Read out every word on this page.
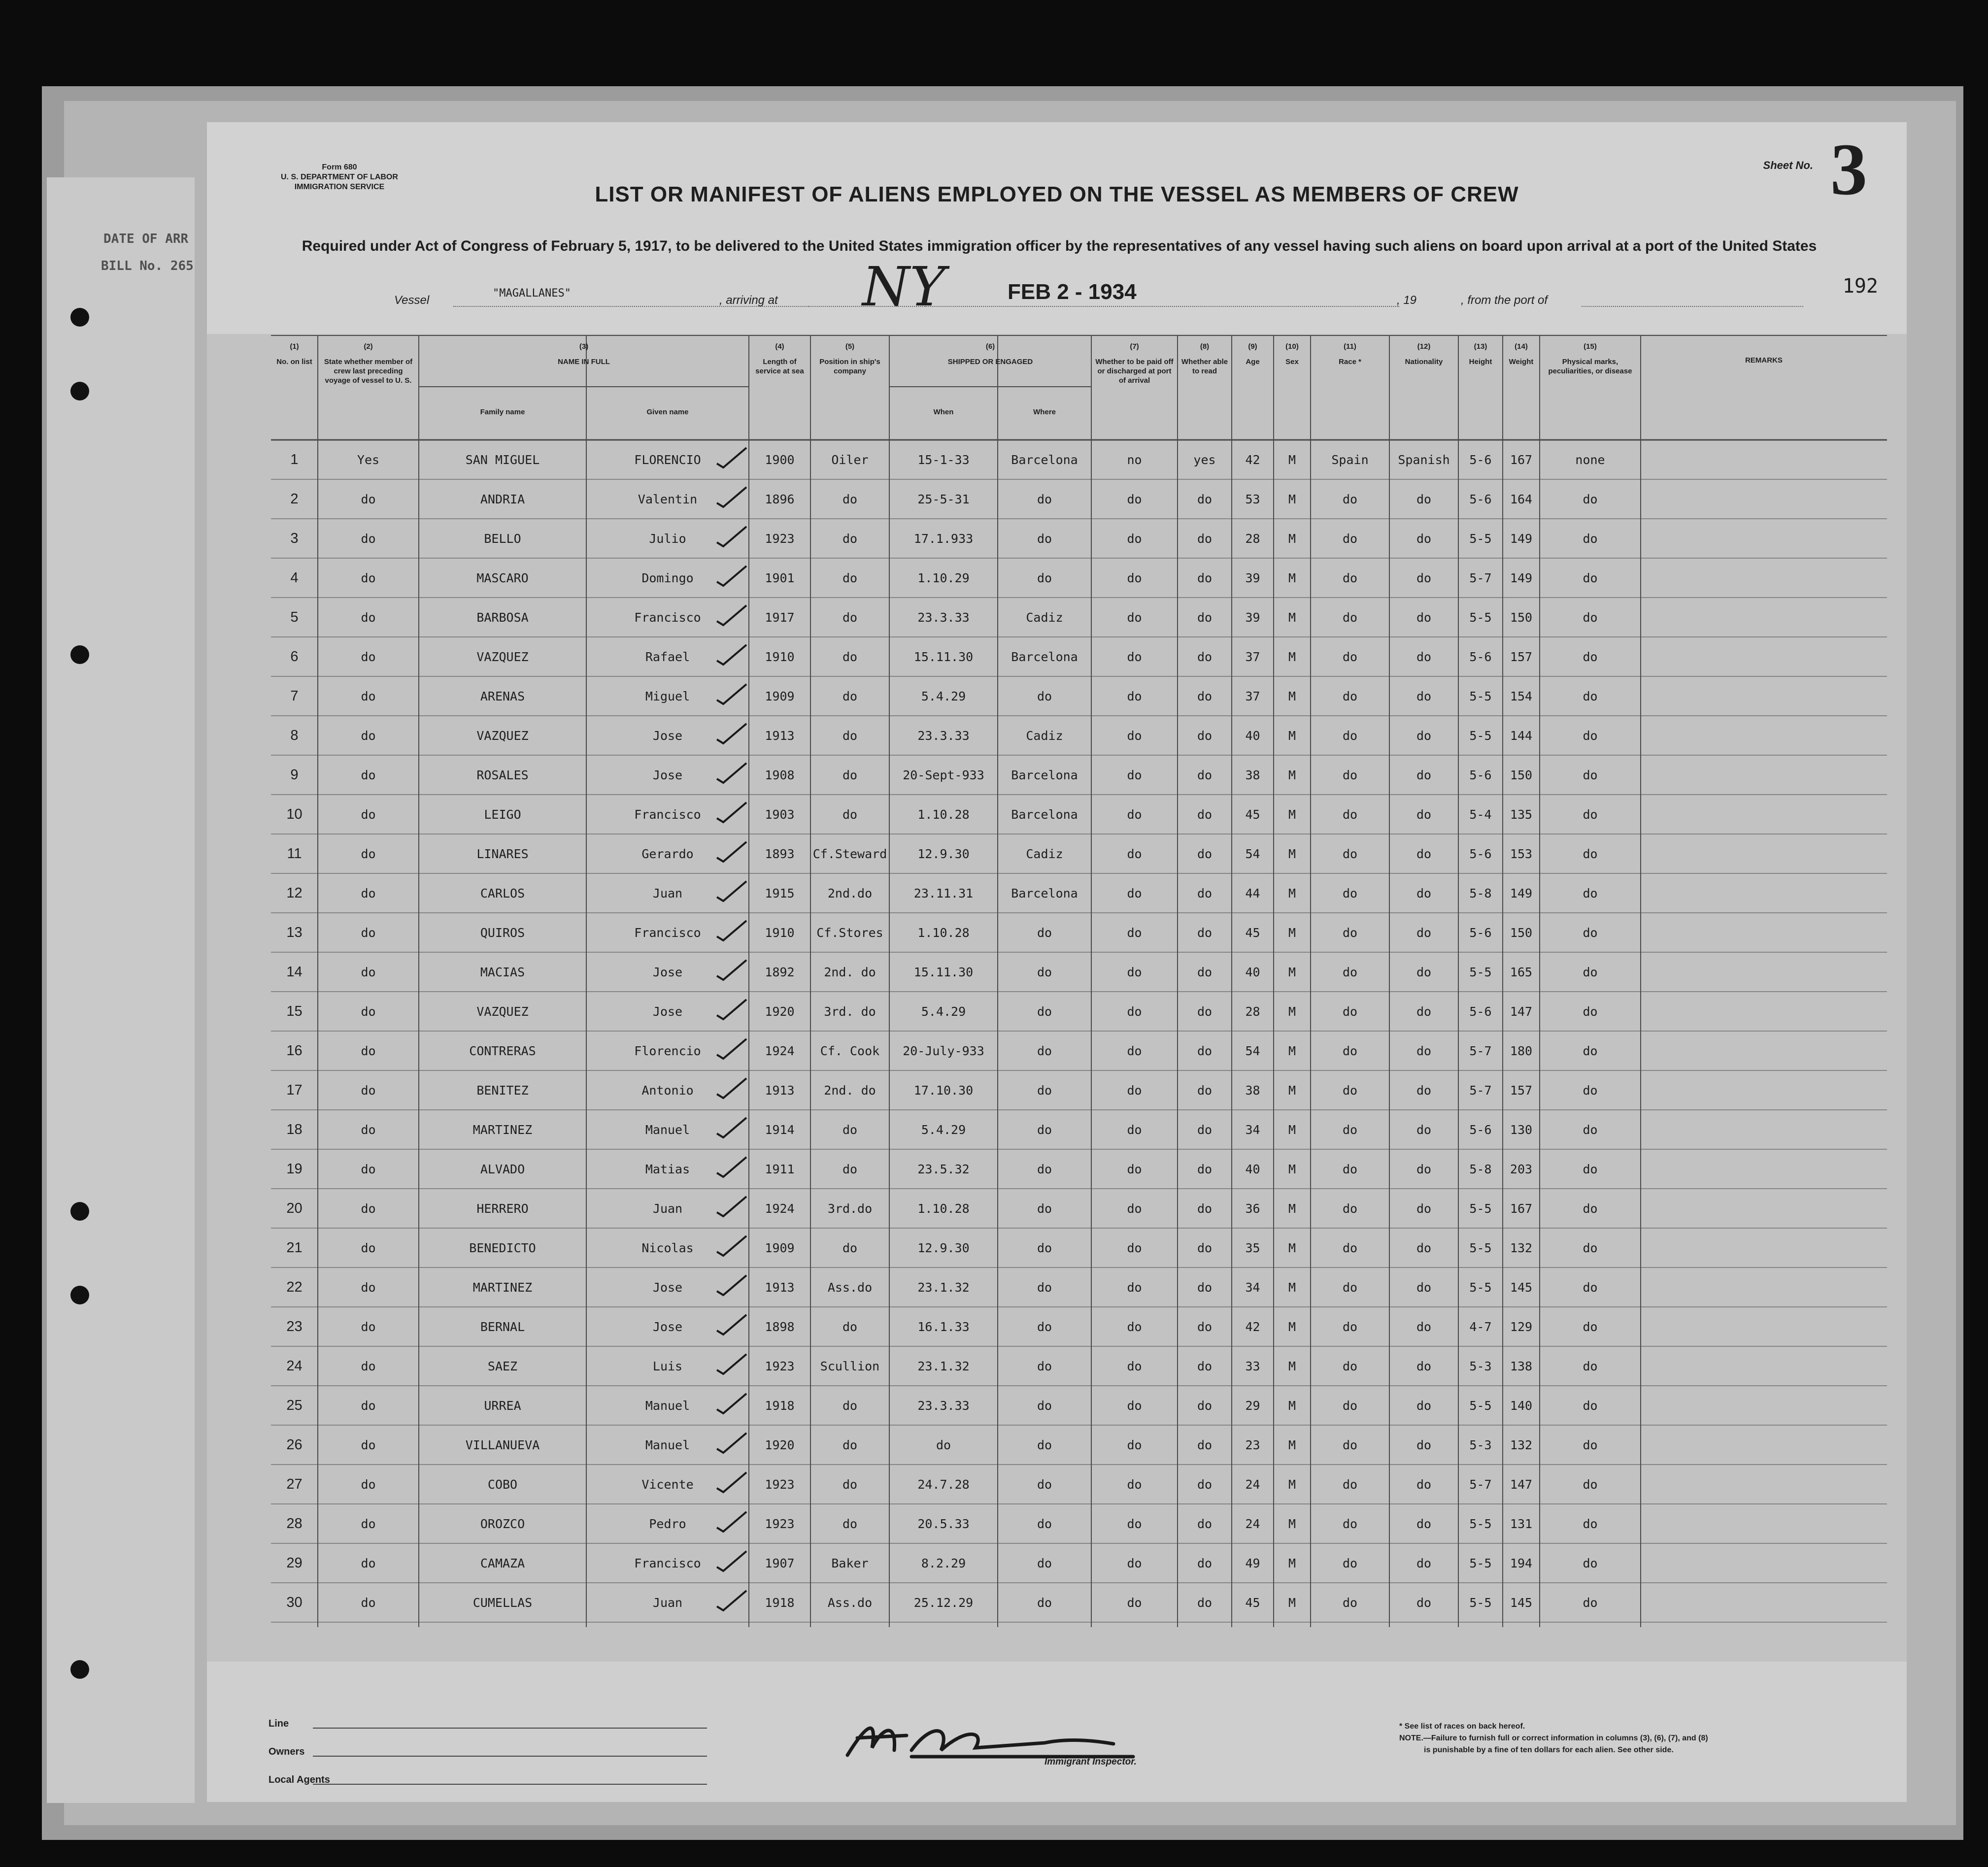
DATE OF ARR
BILL No. 265
Form 680
U. S. DEPARTMENT OF LABOR
IMMIGRATION SERVICE	LIST OR MANIFEST OF ALIENS EMPLOYED ON THE VESSEL AS MEMBERS OF CREW
Required under Act of Congress of February 5, 1917, to be delivered to the United States immigration officer by the representatives of any vessel having such aliens on board upon arrival at a port of the United States
Sheet No. 3
192
Vessel
"MAGALLANES"
, arriving at NY	FEB 2 - 1934	, 19	, from the port of
(1)
No. on list
(2)
State whether member of crew last preceding voyage of vessel to U. S.
(3)
NAME IN FULL
Family name	Given name
(4)
Length of service at sea
(5)
Position in ship's company
(6)
SHIPPED OR ENGAGED
When	Where
(7)
Whether to be paid off or discharged at port of arrival
(8)
Whether able to read
(9)
Age
(10)
Sex
(11)
Race *
(12)
Nationality
(13)
Height
(14)
Weight
(15)
Physical marks, peculiarities, or disease
REMARKS
1	Yes	SAN MIGUEL	FLORENCIO	1900	Oiler	15-1-33	Barcelona	no	yes	42	M	Spain	Spanish	5-6	167	none
2	do	ANDRIA	Valentin	1896	do	25-5-31	do	do	do	53	M	do	do	5-6	164	do
3	do	BELLO	Julio	1923	do	17.1.933	do	do	do	28	M	do	do	5-5	149	do
4	do	MASCARO	Domingo	1901	do	1.10.29	do	do	do	39	M	do	do	5-7	149	do
5	do	BARBOSA	Francisco	1917	do	23.3.33	Cadiz	do	do	39	M	do	do	5-5	150	do
6	do	VAZQUEZ	Rafael	1910	do	15.11.30	Barcelona	do	do	37	M	do	do	5-6	157	do
7	do	ARENAS	Miguel	1909	do	5.4.29	do	do	do	37	M	do	do	5-5	154	do
8	do	VAZQUEZ	Jose	1913	do	23.3.33	Cadiz	do	do	40	M	do	do	5-5	144	do
9	do	ROSALES	Jose	1908	do	20-Sept-933	Barcelona	do	do	38	M	do	do	5-6	150	do
10	do	LEIGO	Francisco	1903	do	1.10.28	Barcelona	do	do	45	M	do	do	5-4	135	do
11	do	LINARES	Gerardo	1893	Cf.Steward	12.9.30	Cadiz	do	do	54	M	do	do	5-6	153	do
12	do	CARLOS	Juan	1915	2nd.do	23.11.31	Barcelona	do	do	44	M	do	do	5-8	149	do
13	do	QUIROS	Francisco	1910	Cf.Stores	1.10.28	do	do	do	45	M	do	do	5-6	150	do
14	do	MACIAS	Jose	1892	2nd. do	15.11.30	do	do	do	40	M	do	do	5-5	165	do
15	do	VAZQUEZ	Jose	1920	3rd. do	5.4.29	do	do	do	28	M	do	do	5-6	147	do
16	do	CONTRERAS	Florencio	1924	Cf. Cook	20-July-933	do	do	do	54	M	do	do	5-7	180	do
17	do	BENITEZ	Antonio	1913	2nd. do	17.10.30	do	do	do	38	M	do	do	5-7	157	do
18	do	MARTINEZ	Manuel	1914	do	5.4.29	do	do	do	34	M	do	do	5-6	130	do
19	do	ALVADO	Matias	1911	do	23.5.32	do	do	do	40	M	do	do	5-8	203	do
20	do	HERRERO	Juan	1924	3rd.do	1.10.28	do	do	do	36	M	do	do	5-5	167	do
21	do	BENEDICTO	Nicolas	1909	do	12.9.30	do	do	do	35	M	do	do	5-5	132	do
22	do	MARTINEZ	Jose	1913	Ass.do	23.1.32	do	do	do	34	M	do	do	5-5	145	do
23	do	BERNAL	Jose	1898	do	16.1.33	do	do	do	42	M	do	do	4-7	129	do
24	do	SAEZ	Luis	1923	Scullion	23.1.32	do	do	do	33	M	do	do	5-3	138	do
25	do	URREA	Manuel	1918	do	23.3.33	do	do	do	29	M	do	do	5-5	140	do
26	do	VILLANUEVA	Manuel	1920	do	do	do	do	do	23	M	do	do	5-3	132	do
27	do	COBO	Vicente	1923	do	24.7.28	do	do	do	24	M	do	do	5-7	147	do
28	do	OROZCO	Pedro	1923	do	20.5.33	do	do	do	24	M	do	do	5-5	131	do
29	do	CAMAZA	Francisco	1907	Baker	8.2.29	do	do	do	49	M	do	do	5-5	194	do
30	do	CUMELLAS	Juan	1918	Ass.do	25.12.29	do	do	do	45	M	do	do	5-5	145	do
Line
Owners
Local Agents
Immigrant Inspector.
* See list of races on back hereof.
NOTE.—Failure to furnish full or correct information in columns (3), (6), (7), and (8)
is punishable by a fine of ten dollars for each alien. See other side.
